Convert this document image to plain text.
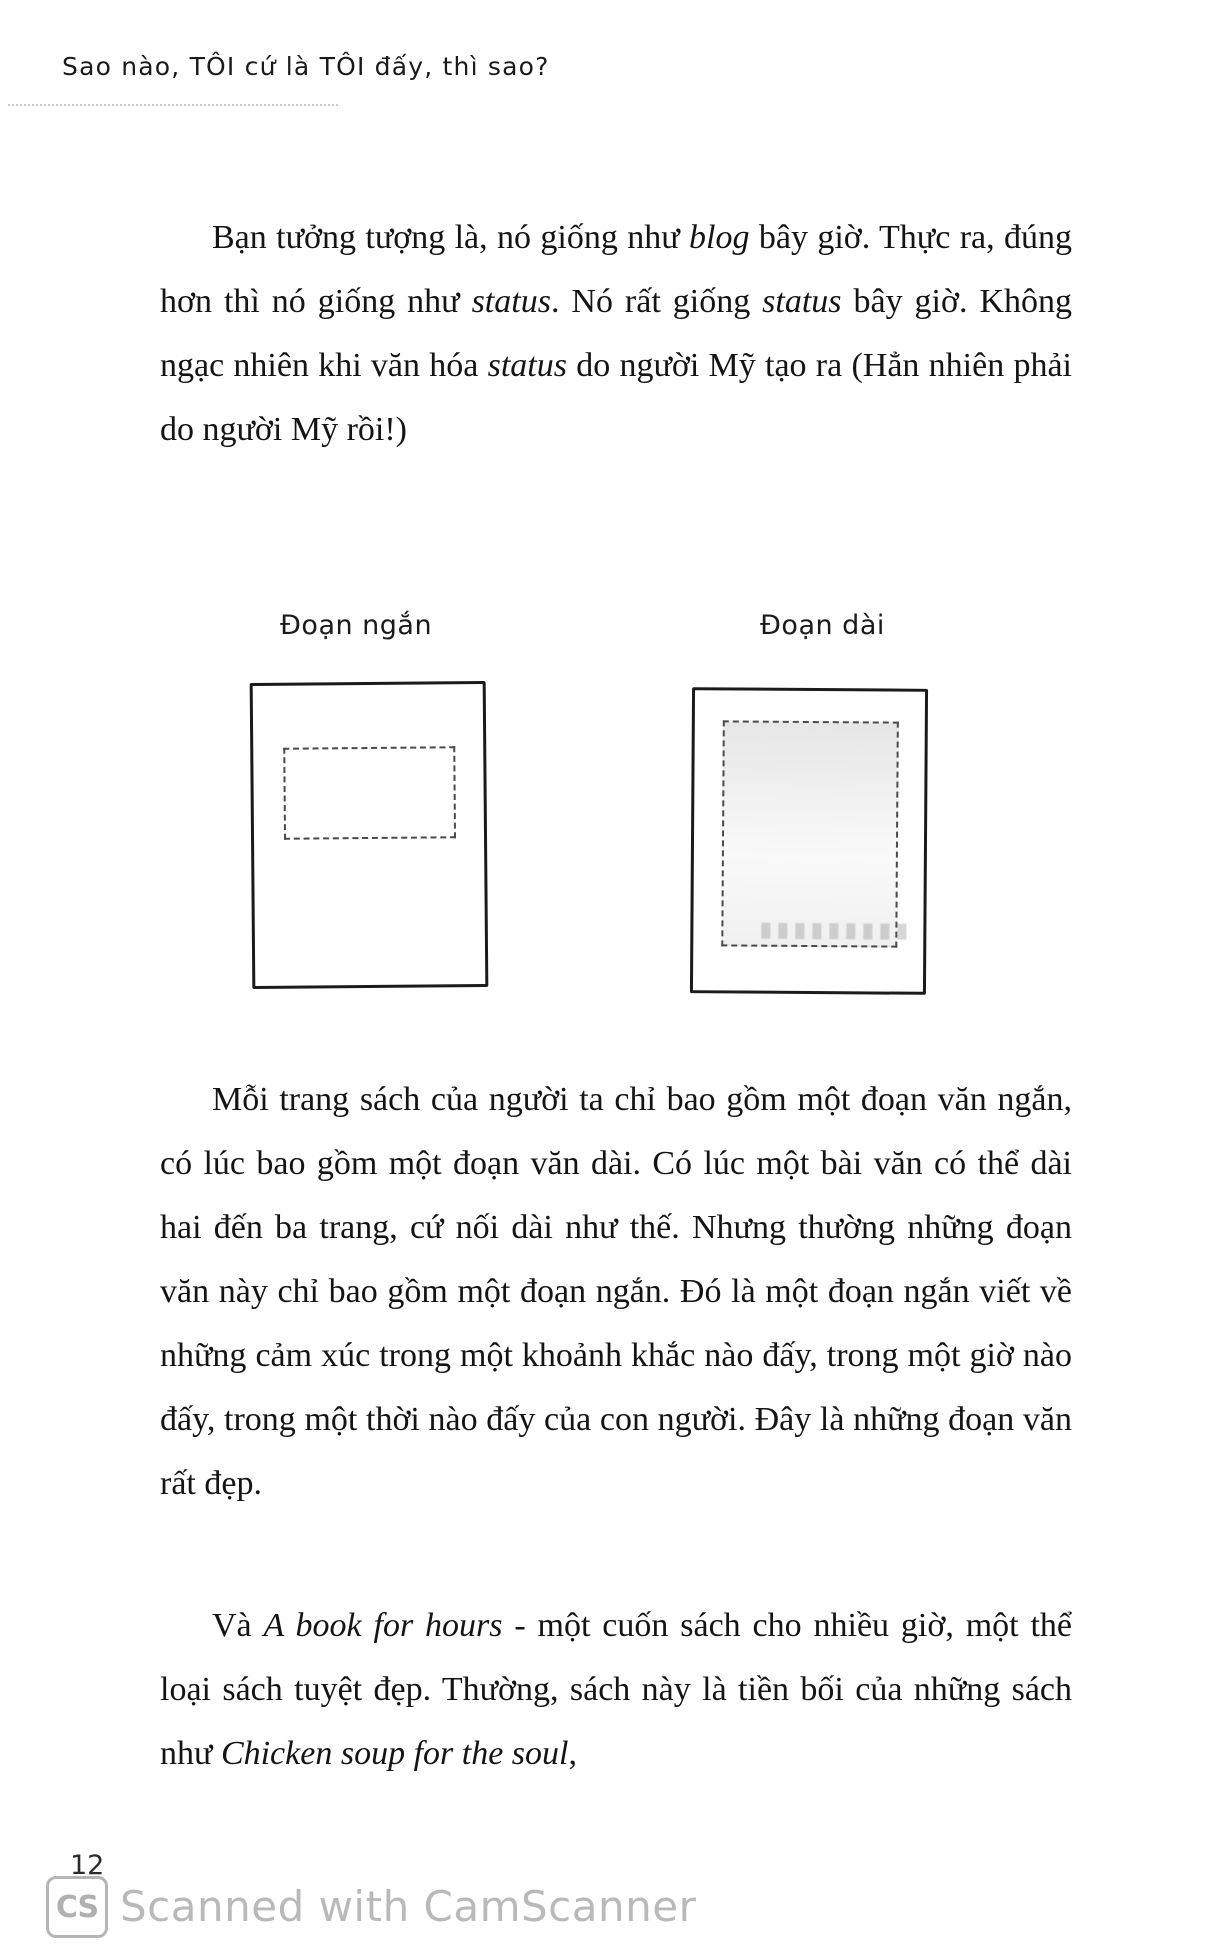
Sao nào, TÔI cứ là TÔI đấy, thì sao?

Bạn tưởng tượng là, nó giống như blog bây giờ. Thực ra, đúng hơn thì nó giống như status. Nó rất giống status bây giờ. Không ngạc nhiên khi văn hóa status do người Mỹ tạo ra (Hẳn nhiên phải do người Mỹ rồi!)

Đoạn ngắn	Đoạn dài

Mỗi trang sách của người ta chỉ bao gồm một đoạn văn ngắn, có lúc bao gồm một đoạn văn dài. Có lúc một bài văn có thể dài hai đến ba trang, cứ nối dài như thế. Nhưng thường những đoạn văn này chỉ bao gồm một đoạn ngắn. Đó là một đoạn ngắn viết về những cảm xúc trong một khoảnh khắc nào đấy, trong một giờ nào đấy, trong một thời nào đấy của con người. Đây là những đoạn văn rất đẹp.

Và A book for hours - một cuốn sách cho nhiều giờ, một thể loại sách tuyệt đẹp. Thường, sách này là tiền bối của những sách như Chicken soup for the soul,

12
CS Scanned with CamScanner
